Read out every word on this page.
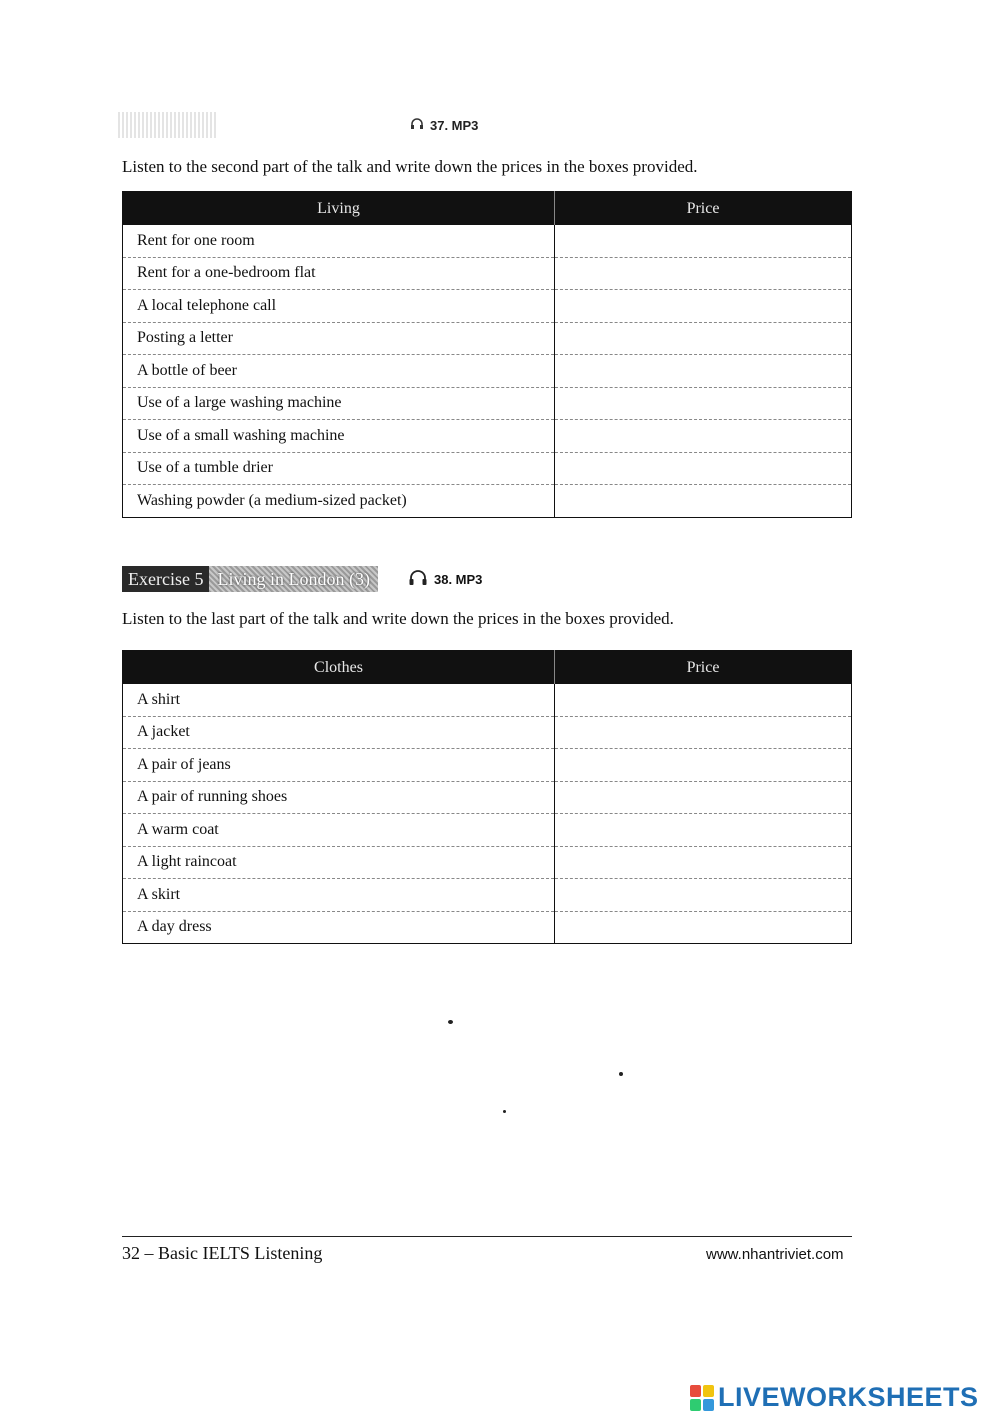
37. MP3
Listen to the second part of the talk and write down the prices in the boxes provided.
Living	Price
Rent for one room	
Rent for a one-bedroom flat	
A local telephone call	
Posting a letter	
A bottle of beer	
Use of a large washing machine	
Use of a small washing machine	
Use of a tumble drier	
Washing powder (a medium-sized packet)	
Exercise 5 Living in London (3)	38. MP3
Listen to the last part of the talk and write down the prices in the boxes provided.
Clothes	Price
A shirt	
A jacket	
A pair of jeans	
A pair of running shoes	
A warm coat	
A light raincoat	
A skirt	
A day dress	
32 – Basic IELTS Listening	www.nhantriviet.com
LIVEWORKSHEETS
